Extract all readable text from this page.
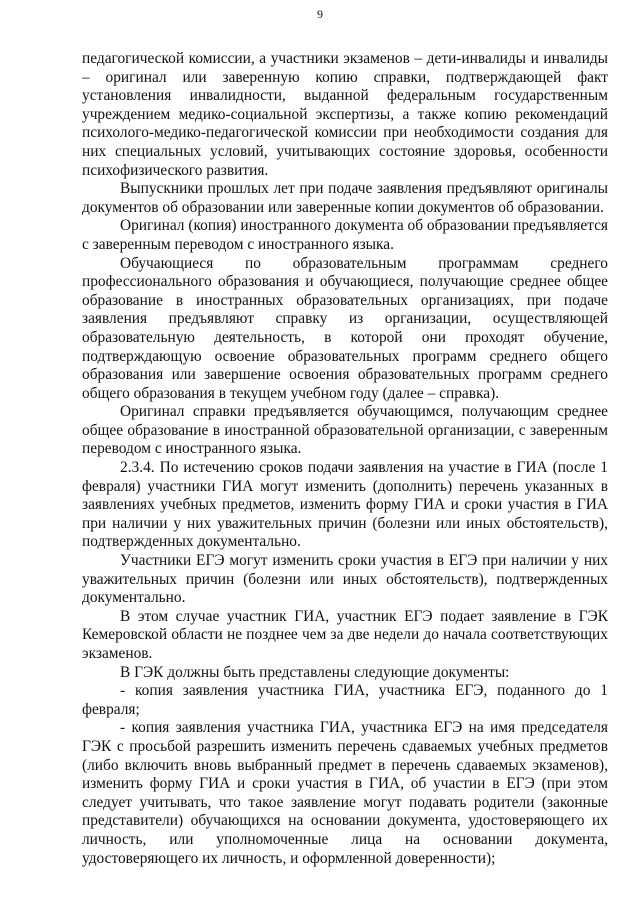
9

педагогической комиссии, а участники экзаменов – дети-инвалиды и инвалиды – оригинал или заверенную копию справки, подтверждающей факт установления инвалидности, выданной федеральным государственным учреждением медико-социальной экспертизы, а также копию рекомендаций психолого-медико-педагогической комиссии при необходимости создания для них специальных условий, учитывающих состояние здоровья, особенности психофизического развития.

Выпускники прошлых лет при подаче заявления предъявляют оригиналы документов об образовании или заверенные копии документов об образовании.

Оригинал (копия) иностранного документа об образовании предъявляется с заверенным переводом с иностранного языка.

Обучающиеся по образовательным программам среднего профессионального образования и обучающиеся, получающие среднее общее образование в иностранных образовательных организациях, при подаче заявления предъявляют справку из организации, осуществляющей образовательную деятельность, в которой они проходят обучение, подтверждающую освоение образовательных программ среднего общего образования или завершение освоения образовательных программ среднего общего образования в текущем учебном году (далее – справка).

Оригинал справки предъявляется обучающимся, получающим среднее общее образование в иностранной образовательной организации, с заверенным переводом с иностранного языка.

2.3.4. По истечению сроков подачи заявления на участие в ГИА (после 1 февраля) участники ГИА могут изменить (дополнить) перечень указанных в заявлениях учебных предметов, изменить форму ГИА и сроки участия в ГИА при наличии у них уважительных причин (болезни или иных обстоятельств), подтвержденных документально.

Участники ЕГЭ могут изменить сроки участия в ЕГЭ при наличии у них уважительных причин (болезни или иных обстоятельств), подтвержденных документально.

В этом случае участник ГИА, участник ЕГЭ подает заявление в ГЭК Кемеровской области не позднее чем за две недели до начала соответствующих экзаменов.

В ГЭК должны быть представлены следующие документы:

- копия заявления участника ГИА, участника ЕГЭ, поданного до 1 февраля;

- копия заявления участника ГИА, участника ЕГЭ на имя председателя ГЭК с просьбой разрешить изменить перечень сдаваемых учебных предметов (либо включить вновь выбранный предмет в перечень сдаваемых экзаменов), изменить форму ГИА и сроки участия в ГИА, об участии в ЕГЭ (при этом следует учитывать, что такое заявление могут подавать родители (законные представители) обучающихся на основании документа, удостоверяющего их личность, или уполномоченные лица на основании документа, удостоверяющего их личность, и оформленной доверенности);
